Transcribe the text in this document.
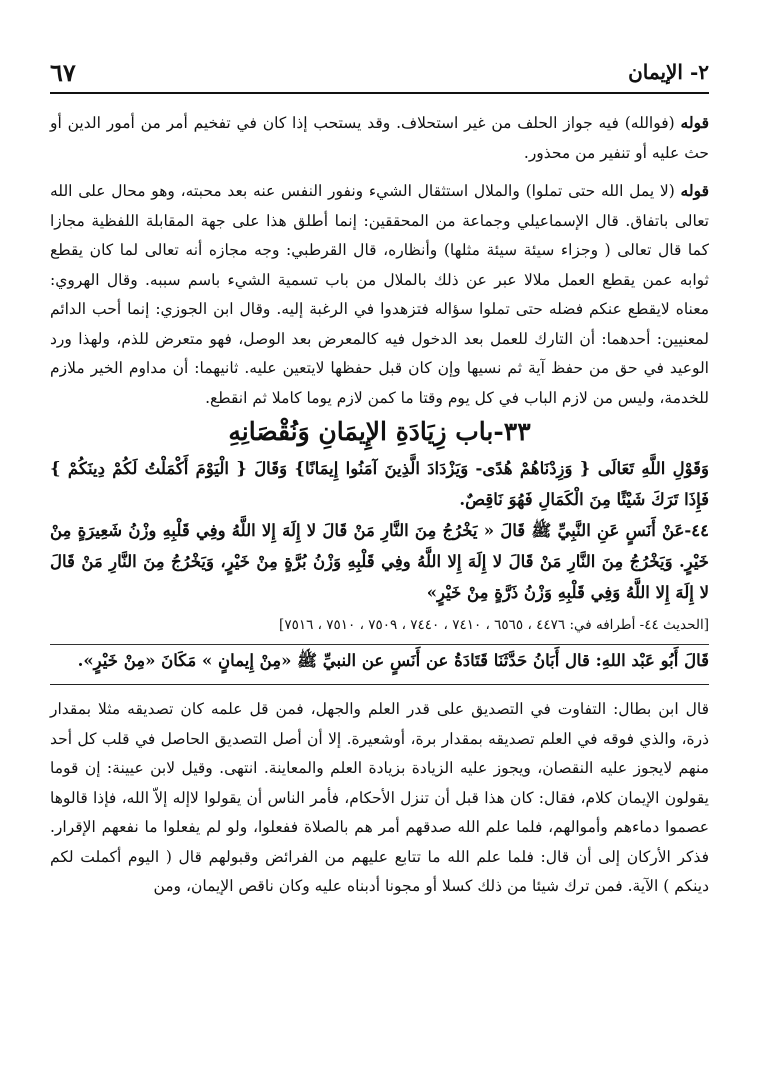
٢- الإيمان
٦٧

قوله (فوالله) فيه جواز الحلف من غير استحلاف. وقد يستحب إذا كان في تفخيم أمر من أمور الدين أو حث عليه أو تنفير من محذور.

قوله (لا يمل الله حتى تملوا) والملال استثقال الشيء ونفور النفس عنه بعد محبته، وهو محال على الله تعالى باتفاق. قال الإسماعيلي وجماعة من المحققين: إنما أطلق هذا على جهة المقابلة اللفظية مجازا كما قال تعالى ( وجزاء سيئة سيئة مثلها) وأنظاره، قال القرطبي: وجه مجازه أنه تعالى لما كان يقطع ثوابه عمن يقطع العمل ملالا عبر عن ذلك بالملال من باب تسمية الشيء باسم سببه. وقال الهروي: معناه لايقطع عنكم فضله حتى تملوا سؤاله فتزهدوا في الرغبة إليه. وقال ابن الجوزي: إنما أحب الدائم لمعنيين: أحدهما: أن التارك للعمل بعد الدخول فيه كالمعرض بعد الوصل، فهو متعرض للذم، ولهذا ورد الوعيد في حق من حفظ آية ثم نسيها وإن كان قبل حفظها لايتعين عليه. ثانيهما: أن مداوم الخير ملازم للخدمة، وليس من لازم الباب في كل يوم وقتا ما كمن لازم يوما كاملا ثم انقطع.

٣٣-باب زِيَادَةِ الإِيمَانِ وَنُقْصَانِهِ

وَقَوْلِ اللَّهِ تَعَالَى { وَزِدْنَاهُمْ هُدًى- وَيَزْدَادَ الَّذِينَ آمَنُوا إِيمَانًا} وَقَالَ { الْيَوْمَ أَكْمَلْتُ لَكُمْ دِينَكُمْ } فَإِذَا تَرَكَ شَيْئًا مِنَ الْكَمَالِ فَهُوَ نَاقِصٌ.

٤٤-عَنْ أَنَسٍ عَنِ النَّبِيِّ ﷺ قَالَ « يَخْرُجُ مِنَ النَّارِ مَنْ قَالَ لا إِلَهَ إِلا اللَّهُ وفِي قَلْبِهِ وزْنُ شَعِيرَةٍ مِنْ خَيْرٍ. وَيَخْرُجُ مِنَ النَّارِ مَنْ قَالَ لا إِلَهَ إِلا اللَّهُ وفِي قَلْبِهِ وَزْنُ بُرَّةٍ مِنْ خَيْرٍ، وَيَخْرُجُ مِنَ النَّارِ مَنْ قَالَ لا إِلَهَ إِلا اللَّهُ وَفِي قَلْبِهِ وَزْنُ ذَرَّةٍ مِنْ خَيْرٍ»

[الحديث ٤٤- أطرافه في: ٤٤٧٦ ، ٦٥٦٥ ، ٧٤١٠ ، ٧٤٤٠ ، ٧٥٠٩ ، ٧٥١٠ ، ٧٥١٦]

قَالَ أَبُو عَبْد اللهِ: قال أَبَانُ حَدَّثَنَا قَتَادَةُ عن أَنَسٍ عن النبيِّ ﷺ «مِنْ إِيمانٍ » مَكَانَ «مِنْ خَيْرٍ».

قال ابن بطال: التفاوت في التصديق على قدر العلم والجهل، فمن قل علمه كان تصديقه مثلا بمقدار ذرة، والذي فوقه في العلم تصديقه بمقدار برة، أوشعيرة. إلا أن أصل التصديق الحاصل في قلب كل أحد منهم لايجوز عليه النقصان، ويجوز عليه الزيادة بزيادة العلم والمعاينة. انتهى. وقيل لابن عيينة: إن قوما يقولون الإيمان كلام، فقال: كان هذا قبل أن تنزل الأحكام، فأمر الناس أن يقولوا لاإله إلاّ الله، فإذا قالوها عصموا دماءهم وأموالهم، فلما علم الله صدقهم أمر هم بالصلاة ففعلوا، ولو لم يفعلوا ما نفعهم الإقرار. فذكر الأركان إلى أن قال: فلما علم الله ما تتابع عليهم من الفرائض وقبولهم قال ( اليوم أكملت لكم دينكم ) الآية. فمن ترك شيئا من ذلك كسلا أو مجونا أدبناه عليه وكان ناقص الإيمان، ومن
